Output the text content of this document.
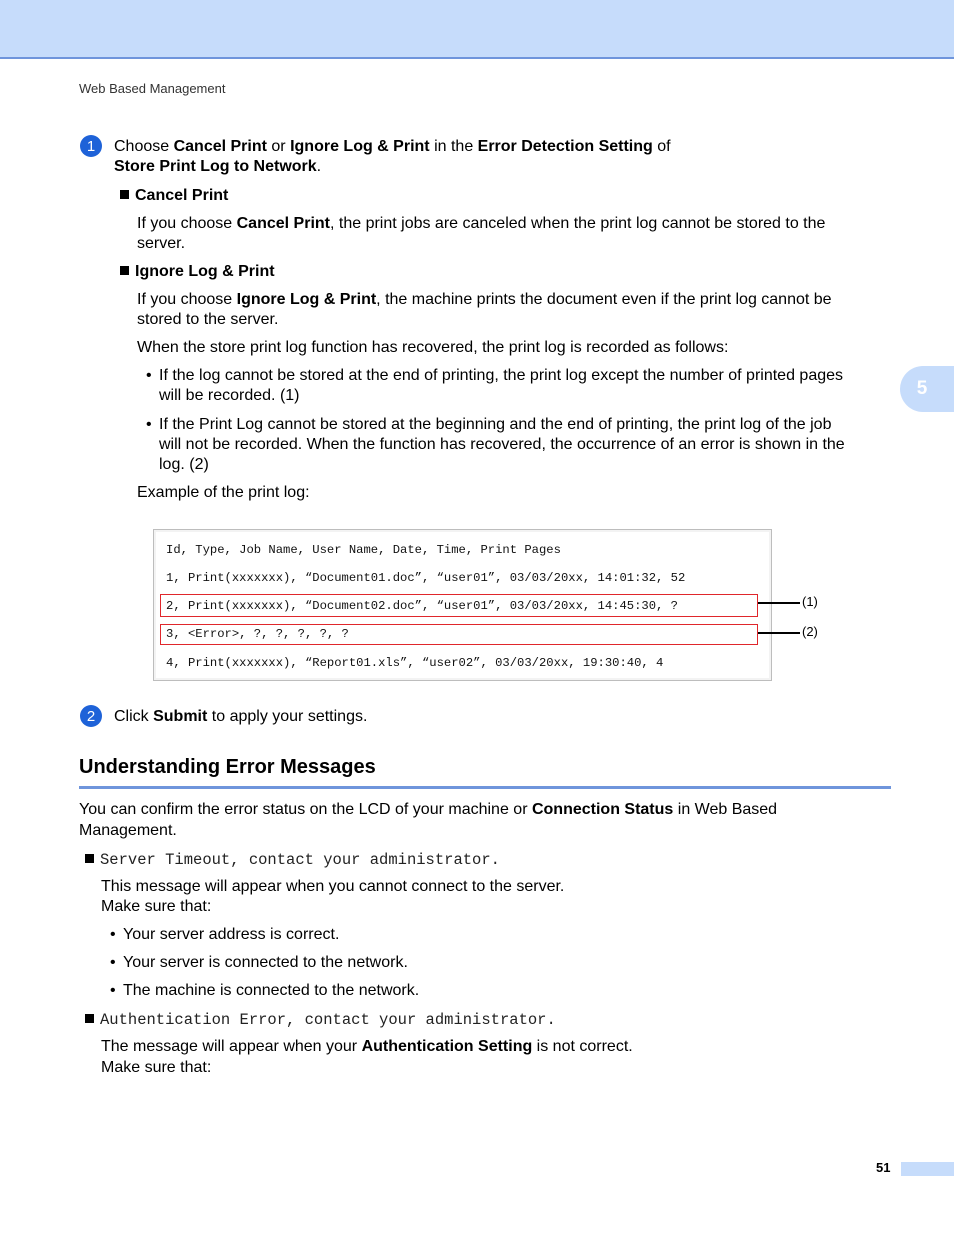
Web Based Management
5
1	Choose Cancel Print or Ignore Log & Print in the Error Detection Setting of
Store Print Log to Network.
Cancel Print
If you choose Cancel Print, the print jobs are canceled when the print log cannot be stored to the
server.
Ignore Log & Print
If you choose Ignore Log & Print, the machine prints the document even if the print log cannot be
stored to the server.
When the store print log function has recovered, the print log is recorded as follows:
• If the log cannot be stored at the end of printing, the print log except the number of printed pages
will be recorded. (1)
• If the Print Log cannot be stored at the beginning and the end of printing, the print log of the job
will not be recorded. When the function has recovered, the occurrence of an error is shown in the
log. (2)
Example of the print log:
Id, Type, Job Name, User Name, Date, Time, Print Pages
1, Print(xxxxxxx), “Document01.doc”, “user01”, 03/03/20xx, 14:01:32, 52
2, Print(xxxxxxx), “Document02.doc”, “user01”, 03/03/20xx, 14:45:30, ?
3, <Error>, ?, ?, ?, ?, ?
4, Print(xxxxxxx), “Report01.xls”, “user02”, 03/03/20xx, 19:30:40, 4
(1)
(2)
2	Click Submit to apply your settings.
Understanding Error Messages
You can confirm the error status on the LCD of your machine or Connection Status in Web Based
Management.
Server Timeout, contact your administrator.
This message will appear when you cannot connect to the server.
Make sure that:
• Your server address is correct.
• Your server is connected to the network.
• The machine is connected to the network.
Authentication Error, contact your administrator.
The message will appear when your Authentication Setting is not correct.
Make sure that:
51
